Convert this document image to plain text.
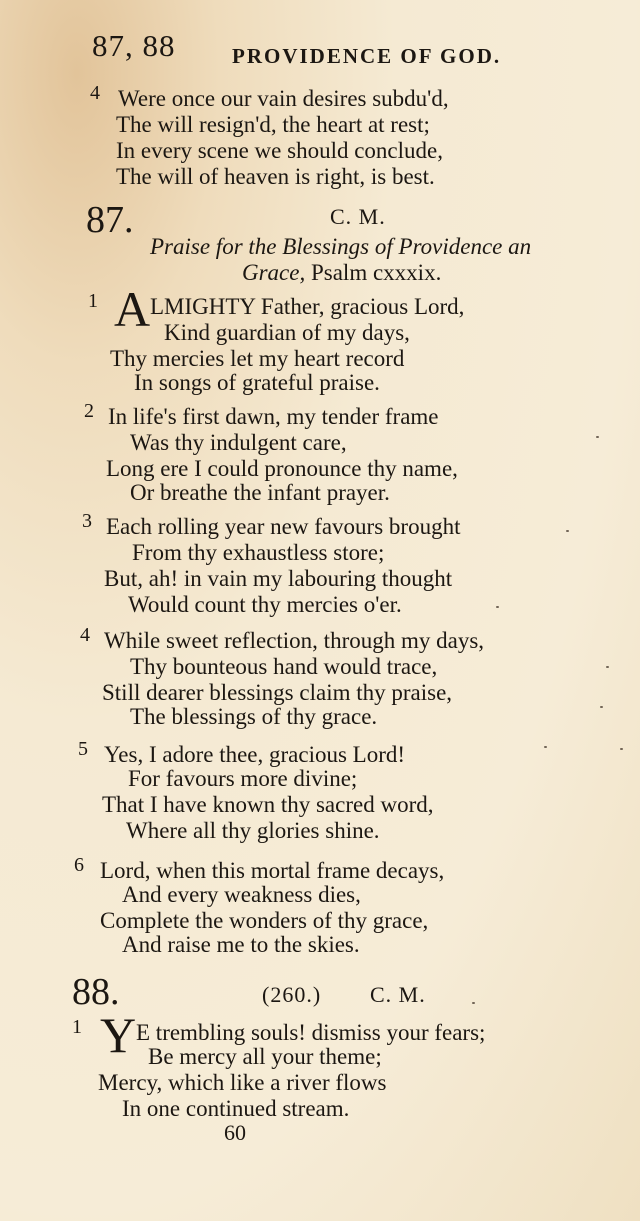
87, 88	PROVIDENCE OF GOD.
4 Were once our vain desires subdu'd,
The will resign'd, the heart at rest;
In every scene we should conclude,
The will of heaven is right, is best.
87.	C. M.
Praise for the Blessings of Providence an
Grace, Psalm cxxxix.
1 A LMIGHTY Father, gracious Lord,
Kind guardian of my days,
Thy mercies let my heart record
In songs of grateful praise.
2 In life's first dawn, my tender frame
Was thy indulgent care,
Long ere I could pronounce thy name,
Or breathe the infant prayer.
3 Each rolling year new favours brought
From thy exhaustless store;
But, ah! in vain my labouring thought
Would count thy mercies o'er.
4 While sweet reflection, through my days,
Thy bounteous hand would trace,
Still dearer blessings claim thy praise,
The blessings of thy grace.
5 Yes, I adore thee, gracious Lord!
For favours more divine;
That I have known thy sacred word,
Where all thy glories shine.
6 Lord, when this mortal frame decays,
And every weakness dies,
Complete the wonders of thy grace,
And raise me to the skies.
88.	(260.) C. M.
1 Y E trembling souls! dismiss your fears;
Be mercy all your theme;
Mercy, which like a river flows
In one continued stream.
60
